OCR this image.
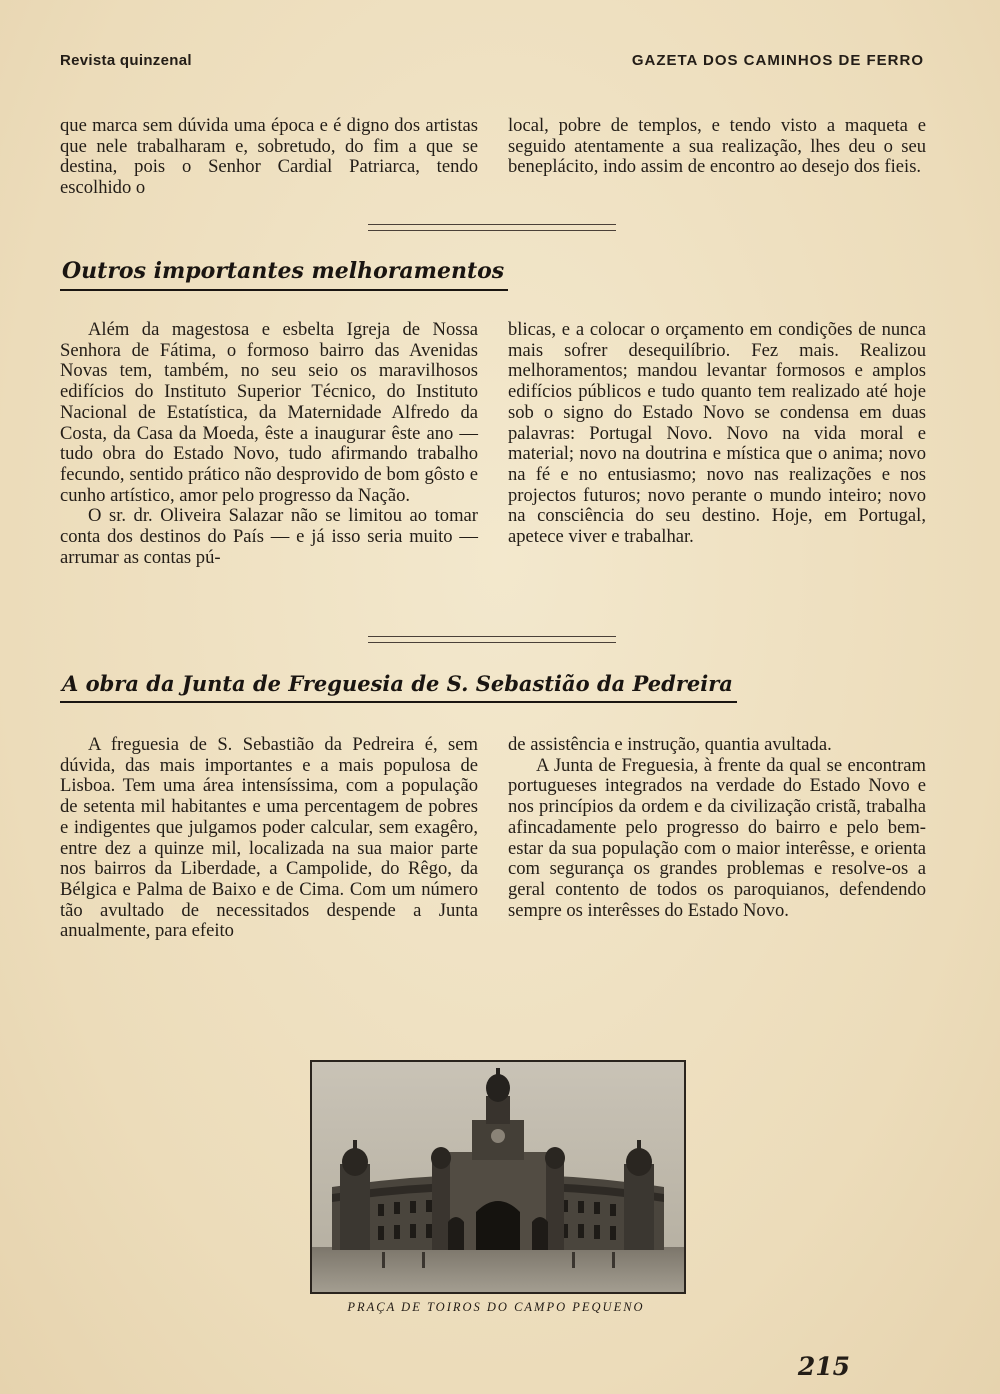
Revista quinzenal	GAZETA DOS CAMINHOS DE FERRO

que marca sem dúvida uma época e é digno dos artistas que nele trabalharam e, sobretudo, do fim a que se destina, pois o Senhor Cardial Patriarca, tendo escolhido o

local, pobre de templos, e tendo visto a maqueta e seguido atentamente a sua realização, lhes deu o seu beneplácito, indo assim de encontro ao desejo dos fieis.

Outros importantes melhoramentos

Além da magestosa e esbelta Igreja de Nossa Senhora de Fátima, o formoso bairro das Avenidas Novas tem, também, no seu seio os maravilhosos edifícios do Instituto Superior Técnico, do Instituto Nacional de Estatística, da Maternidade Alfredo da Costa, da Casa da Moeda, êste a inaugurar êste ano — tudo obra do Estado Novo, tudo afirmando trabalho fecundo, sentido prático não desprovido de bom gôsto e cunho artístico, amor pelo progresso da Nação.

O sr. dr. Oliveira Salazar não se limitou ao tomar conta dos destinos do País — e já isso seria muito — arrumar as contas pú-

blicas, e a colocar o orçamento em condições de nunca mais sofrer desequilíbrio. Fez mais. Realizou melhoramentos; mandou levantar formosos e amplos edifícios públicos e tudo quanto tem realizado até hoje sob o signo do Estado Novo se condensa em duas palavras: Portugal Novo. Novo na vida moral e material; novo na doutrina e mística que o anima; novo na fé e no entusiasmo; novo nas realizações e nos projectos futuros; novo perante o mundo inteiro; novo na consciência do seu destino. Hoje, em Portugal, apetece viver e trabalhar.

A obra da Junta de Freguesia de S. Sebastião da Pedreira

A freguesia de S. Sebastião da Pedreira é, sem dúvida, das mais importantes e a mais populosa de Lisboa. Tem uma área intensíssima, com a população de setenta mil habitantes e uma percentagem de pobres e indigentes que julgamos poder calcular, sem exagêro, entre dez a quinze mil, localizada na sua maior parte nos bairros da Liberdade, a Campolide, do Rêgo, da Bélgica e Palma de Baixo e de Cima. Com um número tão avultado de necessitados despende a Junta anualmente, para efeito

de assistência e instrução, quantia avultada.

A Junta de Freguesia, à frente da qual se encontram portugueses integrados na verdade do Estado Novo e nos princípios da ordem e da civilização cristã, trabalha afincadamente pelo progresso do bairro e pelo bem-estar da sua população com o maior interêsse, e orienta com segurança os grandes problemas e resolve-os a geral contento de todos os paroquianos, defendendo sempre os interêsses do Estado Novo.

PRAÇA DE TOIROS DO CAMPO PEQUENO
215
